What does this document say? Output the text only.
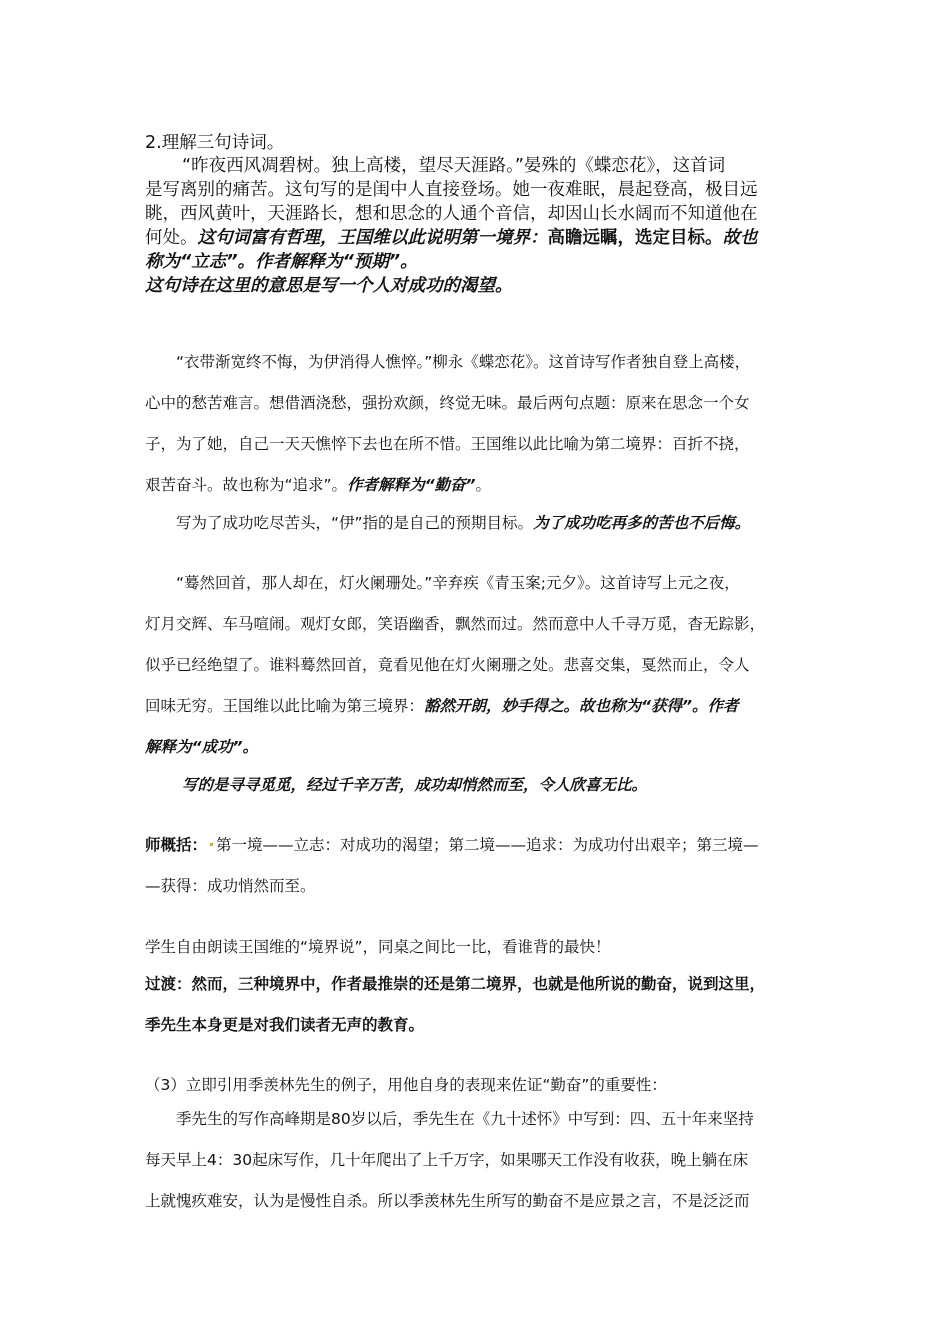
2.理解三句诗词。
“昨夜西风凋碧树。独上高楼，望尽天涯路。”晏殊的《蝶恋花》，这首词
是写离别的痛苦。这句写的是闺中人直接登场。她一夜难眠，晨起登高，极目远
眺，西风黄叶，天涯路长，想和思念的人通个音信，却因山长水阔而不知道他在
何处。这句词富有哲理，王国维以此说明第一境界：高瞻远瞩，选定目标。故也
称为“立志”。作者解释为“预期”。
这句诗在这里的意思是写一个人对成功的渴望。
“衣带渐宽终不悔，为伊消得人憔悴。”柳永《蝶恋花》。这首诗写作者独自登上高楼，
心中的愁苦难言。想借酒浇愁，强扮欢颜，终觉无味。最后两句点题：原来在思念一个女
子，为了她，自己一天天憔悴下去也在所不惜。王国维以此比喻为第二境界：百折不挠，
艰苦奋斗。故也称为“追求”。作者解释为“勤奋”。
写为了成功吃尽苦头，“伊”指的是自己的预期目标。为了成功吃再多的苦也不后悔。
“蓦然回首，那人却在，灯火阑珊处。”辛弃疾《青玉案;元夕》。这首诗写上元之夜，
灯月交辉、车马喧闹。观灯女郎，笑语幽香，飘然而过。然而意中人千寻万觅，杳无踪影，
似乎已经绝望了。谁料蓦然回首，竟看见他在灯火阑珊之处。悲喜交集，戛然而止，令人
回味无穷。王国维以此比喻为第三境界：豁然开朗，妙手得之。故也称为“获得”。作者
解释为“成功”。
写的是寻寻觅觅，经过千辛万苦，成功却悄然而至，令人欣喜无比。
师概括： 第一境——立志：对成功的渴望；第二境——追求：为成功付出艰辛；第三境—
—获得：成功悄然而至。
学生自由朗读王国维的“境界说”，同桌之间比一比，看谁背的最快！
过渡：然而，三种境界中，作者最推崇的还是第二境界，也就是他所说的勤奋，说到这里，
季先生本身更是对我们读者无声的教育。
（3）立即引用季羡林先生的例子，用他自身的表现来佐证“勤奋”的重要性：
季先生的写作高峰期是80岁以后，季先生在《九十述怀》中写到：四、五十年来坚持
每天早上4：30起床写作，几十年爬出了上千万字，如果哪天工作没有收获，晚上躺在床
上就愧疚难安，认为是慢性自杀。所以季羡林先生所写的勤奋不是应景之言，不是泛泛而
